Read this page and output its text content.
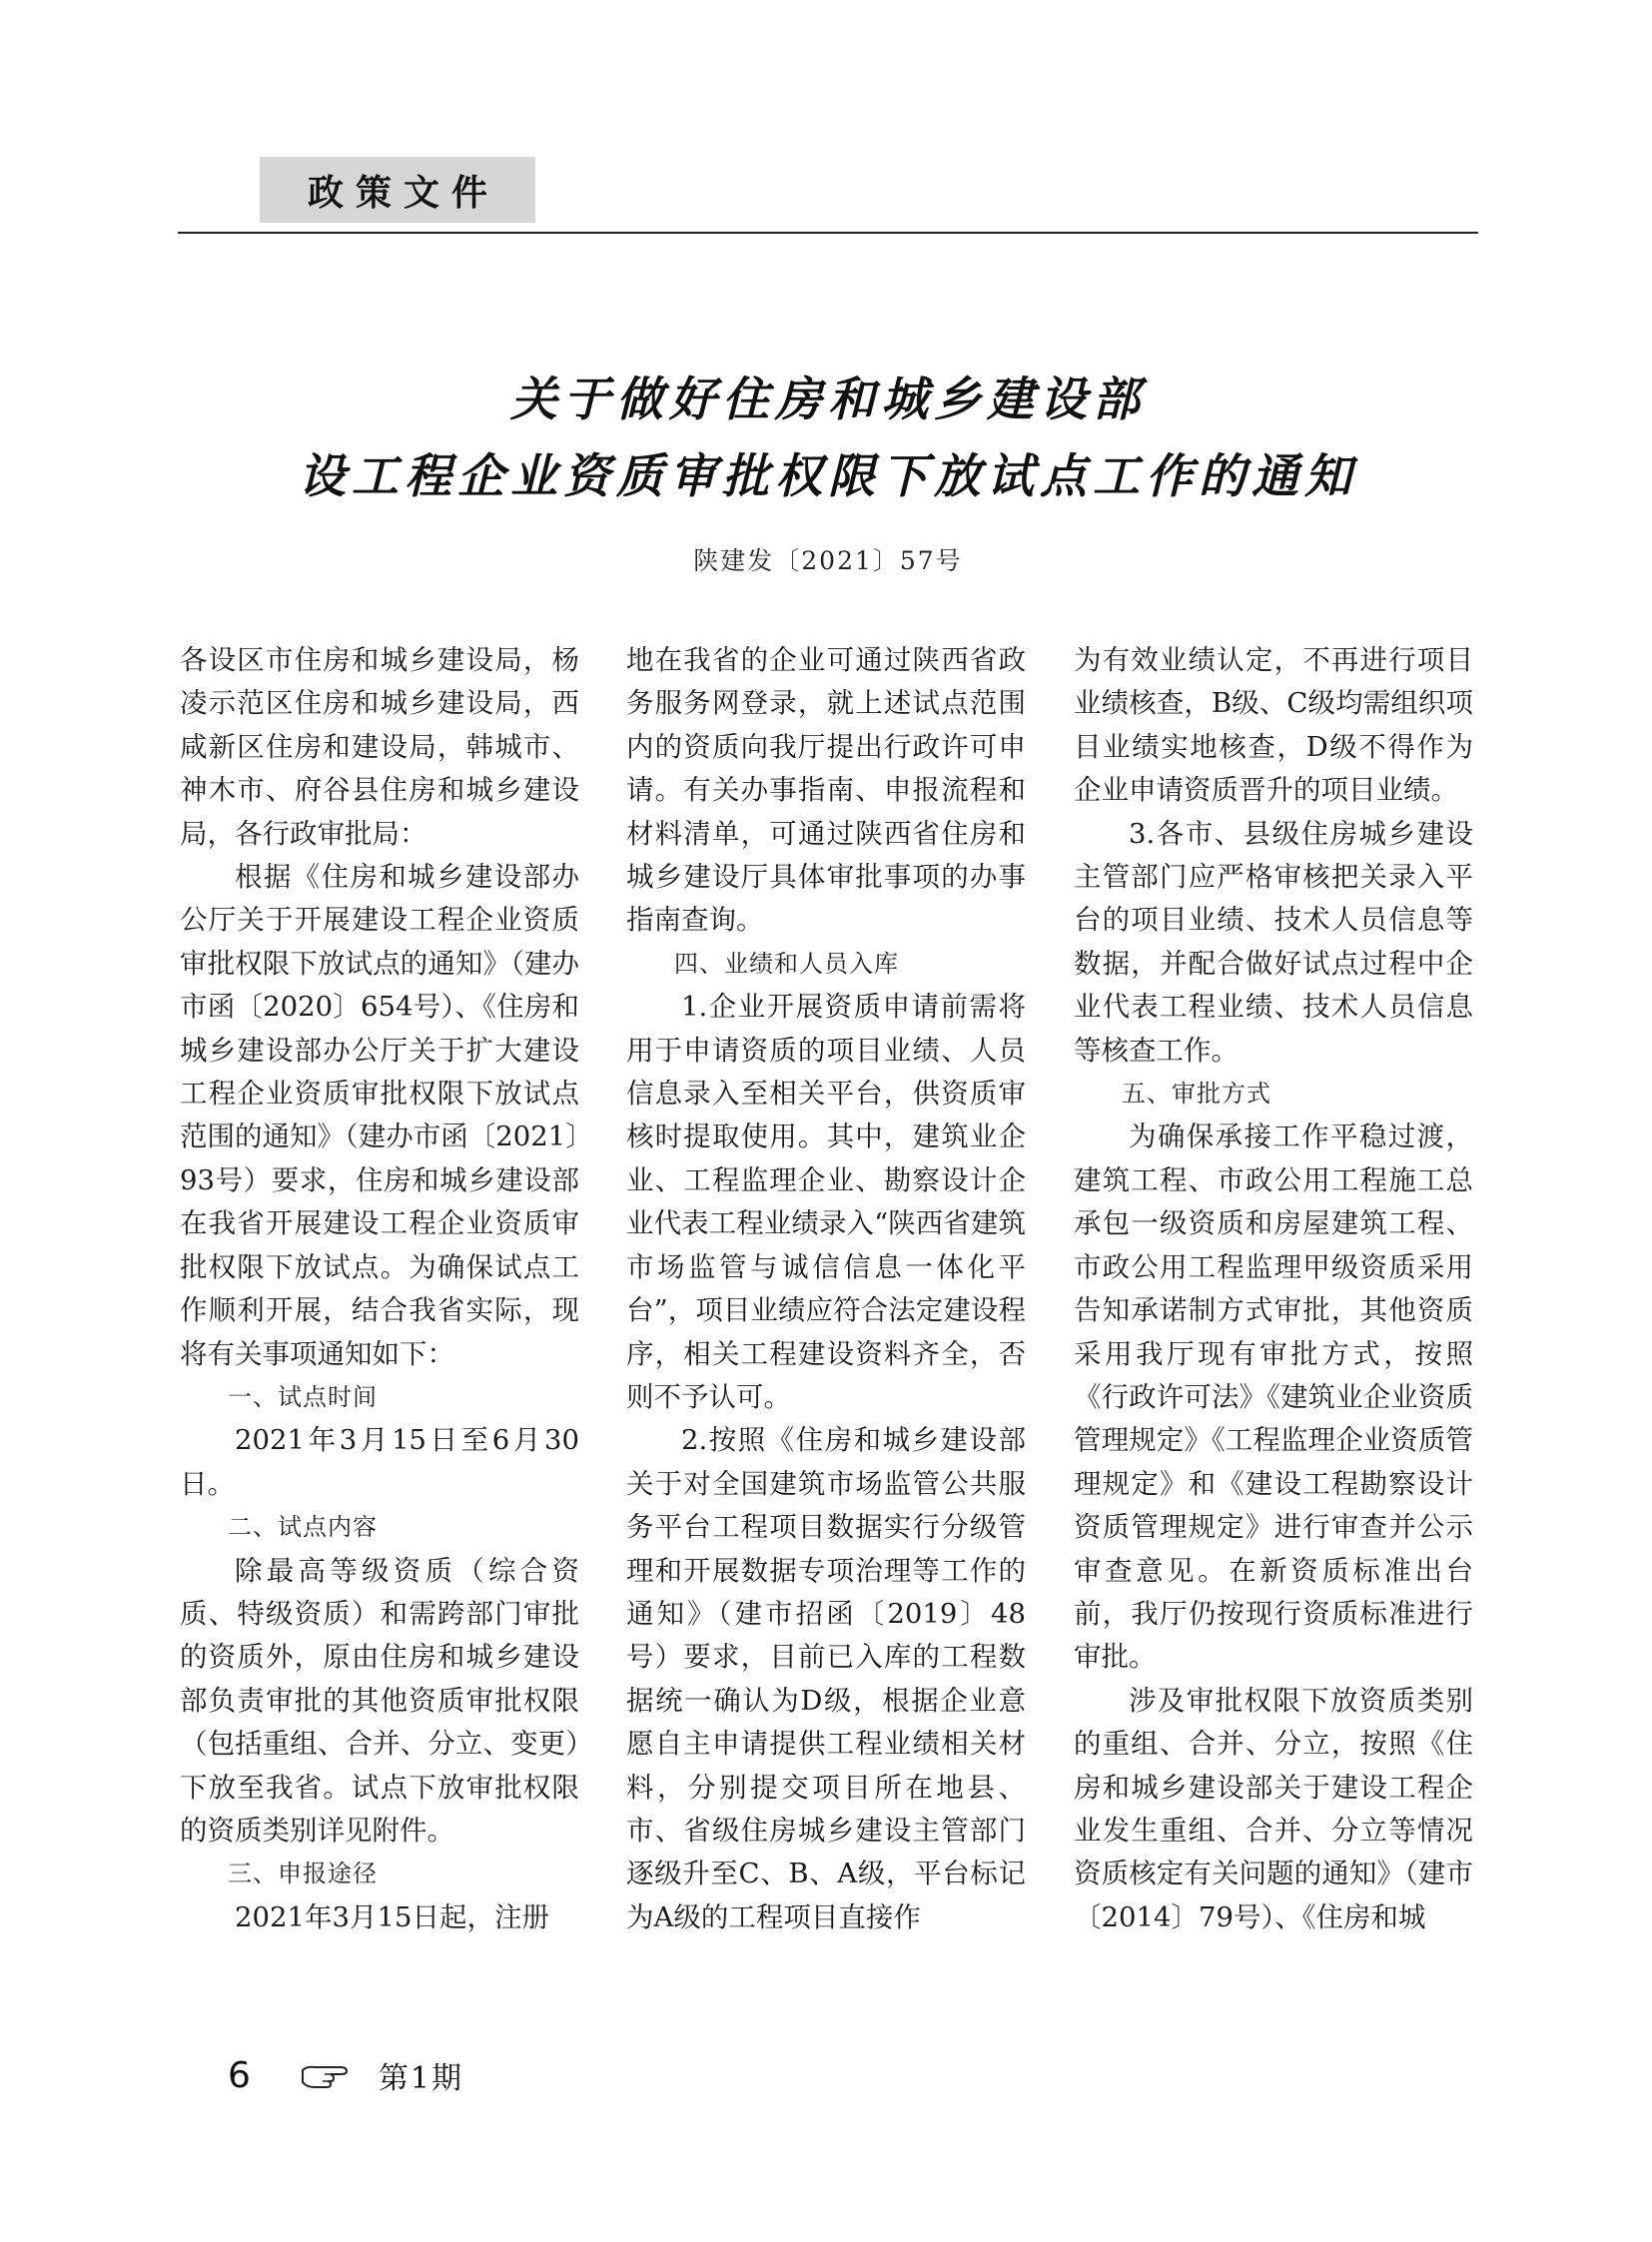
政策文件
关于做好住房和城乡建设部
设工程企业资质审批权限下放试点工作的通知
陕建发〔2021〕57号

各设区市住房和城乡建设局，杨凌示范区住房和城乡建设局，西咸新区住房和建设局，韩城市、神木市、府谷县住房和城乡建设局，各行政审批局：

根据《住房和城乡建设部办公厅关于开展建设工程企业资质审批权限下放试点的通知》（建办市函〔2020〕654号）、《住房和城乡建设部办公厅关于扩大建设工程企业资质审批权限下放试点范围的通知》（建办市函〔2021〕93号）要求，住房和城乡建设部在我省开展建设工程企业资质审批权限下放试点。为确保试点工作顺利开展，结合我省实际，现将有关事项通知如下：

一、试点时间

2021年3月15日至6月30日。

二、试点内容

除最高等级资质（综合资质、特级资质）和需跨部门审批的资质外，原由住房和城乡建设部负责审批的其他资质审批权限（包括重组、合并、分立、变更）下放至我省。试点下放审批权限的资质类别详见附件。

三、申报途径

2021年3月15日起，注册

地在我省的企业可通过陕西省政务服务网登录，就上述试点范围内的资质向我厅提出行政许可申请。有关办事指南、申报流程和材料清单，可通过陕西省住房和城乡建设厅具体审批事项的办事指南查询。

四、业绩和人员入库

1.企业开展资质申请前需将用于申请资质的项目业绩、人员信息录入至相关平台，供资质审核时提取使用。其中，建筑业企业、工程监理企业、勘察设计企业代表工程业绩录入“陕西省建筑市场监管与诚信信息一体化平台”，项目业绩应符合法定建设程序，相关工程建设资料齐全，否则不予认可。

2.按照《住房和城乡建设部关于对全国建筑市场监管公共服务平台工程项目数据实行分级管理和开展数据专项治理等工作的通知》（建市招函〔2019〕48号）要求，目前已入库的工程数据统一确认为D级，根据企业意愿自主申请提供工程业绩相关材料，分别提交项目所在地县、市、省级住房城乡建设主管部门逐级升至C、B、A级，平台标记为A级的工程项目直接作

为有效业绩认定，不再进行项目业绩核查，B级、C级均需组织项目业绩实地核查，D级不得作为企业申请资质晋升的项目业绩。

3.各市、县级住房城乡建设主管部门应严格审核把关录入平台的项目业绩、技术人员信息等数据，并配合做好试点过程中企业代表工程业绩、技术人员信息等核查工作。

五、审批方式

为确保承接工作平稳过渡，建筑工程、市政公用工程施工总承包一级资质和房屋建筑工程、市政公用工程监理甲级资质采用告知承诺制方式审批，其他资质采用我厅现有审批方式，按照《行政许可法》《建筑业企业资质管理规定》《工程监理企业资质管理规定》和《建设工程勘察设计资质管理规定》进行审查并公示审查意见。在新资质标准出台前，我厅仍按现行资质标准进行审批。

涉及审批权限下放资质类别的重组、合并、分立，按照《住房和城乡建设部关于建设工程企业发生重组、合并、分立等情况资质核定有关问题的通知》（建市〔2014〕79号）、《住房和城

6	第1期
